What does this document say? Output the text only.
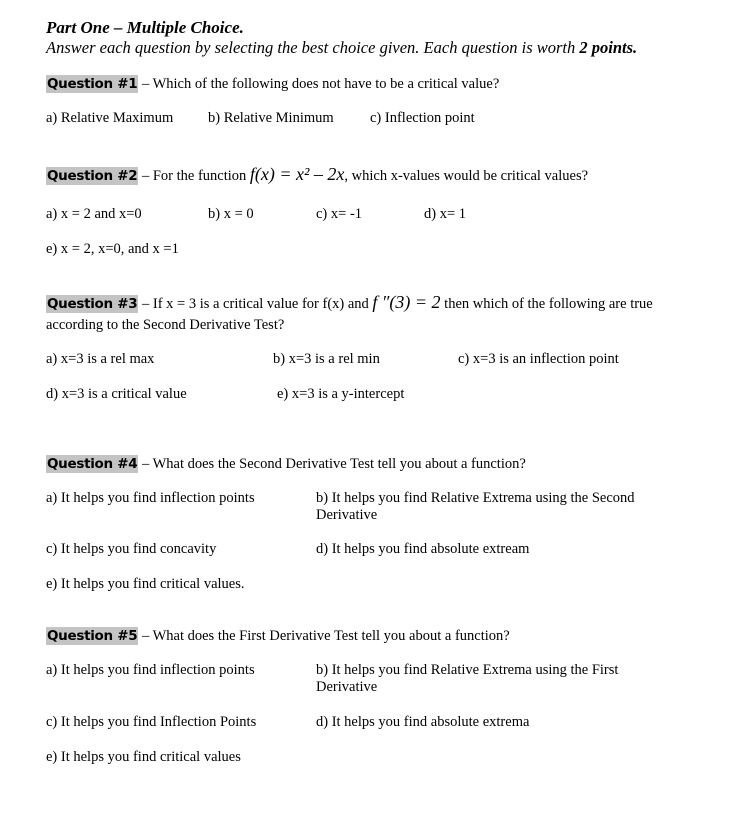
Part One – Multiple Choice.
Answer each question by selecting the best choice given. Each question is worth 2 points.
Question #1 – Which of the following does not have to be a critical value?
a) Relative Maximum b) Relative Minimum	c) Inflection point
Question #2 – For the function f(x) = x² – 2x, which x-values would be critical values?
a) x = 2 and x=0	b) x = 0	c) x= -1	d) x= 1
e) x = 2, x=0, and x =1
Question #3 – If x = 3 is a critical value for f(x) and f ″(3) = 2 then which of the following are true
according to the Second Derivative Test?
a) x=3 is a rel max	b) x=3 is a rel min	c) x=3 is an inflection point
d) x=3 is a critical value	e) x=3 is a y-intercept
Question #4 – What does the Second Derivative Test tell you about a function?
a) It helps you find inflection points	b) It helps you find Relative Extrema using the Second Derivative
c) It helps you find concavity	d) It helps you find absolute extream
e) It helps you find critical values.
Question #5 – What does the First Derivative Test tell you about a function?
a) It helps you find inflection points	b) It helps you find Relative Extrema using the First Derivative
c) It helps you find Inflection Points	d) It helps you find absolute extrema
e) It helps you find critical values
